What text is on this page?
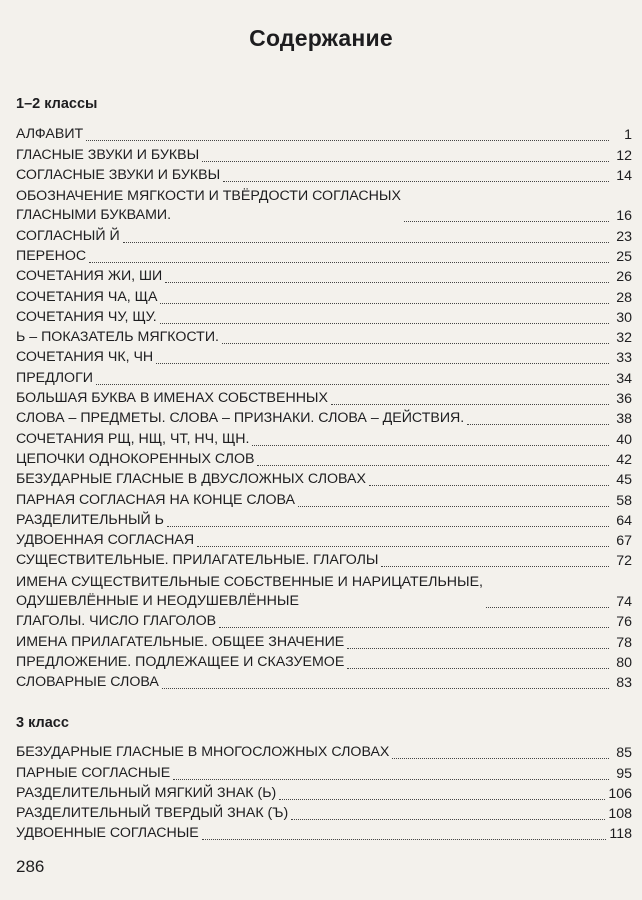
Содержание
1–2 классы
АЛФАВИТ	1
ГЛАСНЫЕ ЗВУКИ И БУКВЫ	12
СОГЛАСНЫЕ ЗВУКИ И БУКВЫ	14
ОБОЗНАЧЕНИЕ МЯГКОСТИ И ТВЁРДОСТИ СОГЛАСНЫХ
ГЛАСНЫМИ БУКВАМИ.	16
СОГЛАСНЫЙ Й	23
ПЕРЕНОС	25
СОЧЕТАНИЯ ЖИ, ШИ	26
СОЧЕТАНИЯ ЧА, ЩА	28
СОЧЕТАНИЯ ЧУ, ЩУ.	30
Ь – ПОКАЗАТЕЛЬ МЯГКОСТИ.	32
СОЧЕТАНИЯ ЧК, ЧН	33
ПРЕДЛОГИ	34
БОЛЬШАЯ БУКВА В ИМЕНАХ СОБСТВЕННЫХ	36
СЛОВА – ПРЕДМЕТЫ. СЛОВА – ПРИЗНАКИ. СЛОВА – ДЕЙСТВИЯ.	38
СОЧЕТАНИЯ РЩ, НЩ, ЧТ, НЧ, ЩН.	40
ЦЕПОЧКИ ОДНОКОРЕННЫХ СЛОВ	42
БЕЗУДАРНЫЕ ГЛАСНЫЕ В ДВУСЛОЖНЫХ СЛОВАХ	45
ПАРНАЯ СОГЛАСНАЯ НА КОНЦЕ СЛОВА	58
РАЗДЕЛИТЕЛЬНЫЙ Ь	64
УДВОЕННАЯ СОГЛАСНАЯ	67
СУЩЕСТВИТЕЛЬНЫЕ. ПРИЛАГАТЕЛЬНЫЕ. ГЛАГОЛЫ	72
ИМЕНА СУЩЕСТВИТЕЛЬНЫЕ СОБСТВЕННЫЕ И НАРИЦАТЕЛЬНЫЕ,
ОДУШЕВЛЁННЫЕ И НЕОДУШЕВЛЁННЫЕ	74
ГЛАГОЛЫ. ЧИСЛО ГЛАГОЛОВ	76
ИМЕНА ПРИЛАГАТЕЛЬНЫЕ. ОБЩЕЕ ЗНАЧЕНИЕ	78
ПРЕДЛОЖЕНИЕ. ПОДЛЕЖАЩЕЕ И СКАЗУЕМОЕ	80
СЛОВАРНЫЕ СЛОВА	83
3 класс
БЕЗУДАРНЫЕ ГЛАСНЫЕ В МНОГОСЛОЖНЫХ СЛОВАХ	85
ПАРНЫЕ СОГЛАСНЫЕ	95
РАЗДЕЛИТЕЛЬНЫЙ МЯГКИЙ ЗНАК (Ь)	106
РАЗДЕЛИТЕЛЬНЫЙ ТВЕРДЫЙ ЗНАК (Ъ)	108
УДВОЕННЫЕ СОГЛАСНЫЕ	118
286
